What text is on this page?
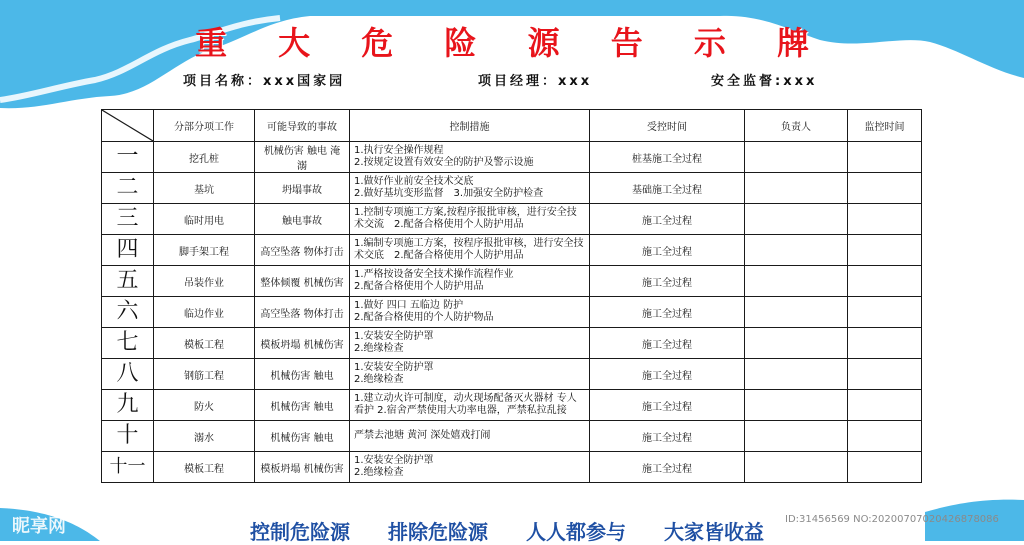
重 大 危 险 源 告 示 牌
项目名称：xxx国家园	项目经理：xxx	安全监督:xxx
	分部分项工作	可能导致的事故	控制措施	受控时间	负责人	监控时间
一	挖孔桩	机械伤害 触电 淹溺	1.执行安全操作规程
2.按规定设置有效安全的防护及警示设施	桩基施工全过程		
二	基坑	坍塌事故	1.做好作业前安全技术交底
2.做好基坑变形监督　3.加强安全防护检查	基础施工全过程		
三	临时用电	触电事故	1.控制专项施工方案,按程序报批审核，进行安全技术交流　2.配备合格使用个人防护用品	施工全过程		
四	脚手架工程	高空坠落 物体打击	1.编制专项施工方案，按程序报批审核，进行安全技术交底　2.配备合格使用个人防护用品	施工全过程		
五	吊装作业	整体倾覆 机械伤害	1.严格按设备安全技术操作流程作业
2.配备合格使用个人防护用品	施工全过程		
六	临边作业	高空坠落 物体打击	1.做好 四口 五临边 防护
2.配备合格使用的个人防护物品	施工全过程		
七	模板工程	模板坍塌 机械伤害	1.安装安全防护罩
2.绝缘检查	施工全过程		
八	钢筋工程	机械伤害 触电	1.安装安全防护罩
2.绝缘检查	施工全过程		
九	防火	机械伤害 触电	1.建立动火许可制度，动火现场配备灭火器材 专人看护 2.宿舍严禁使用大功率电器，严禁私拉乱接	施工全过程		
十	溺水	机械伤害 触电	严禁去池塘 黄河 深处嬉戏打闹	施工全过程		
十一	模板工程	模板坍塌 机械伤害	1.安装安全防护罩
2.绝缘检查	施工全过程		
控制危险源 排除危险源 人人都参与 大家皆收益
昵享网	www.nipic.com	ID:31456569 NO:20200707020426878086
